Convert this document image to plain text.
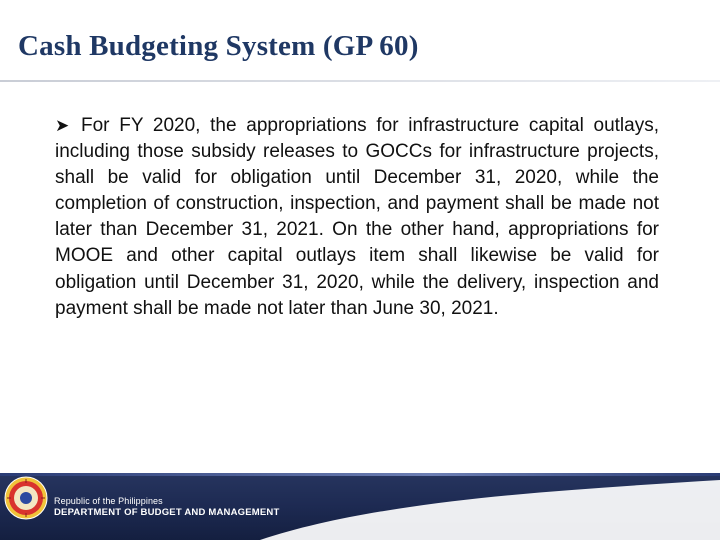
Cash Budgeting System (GP 60)

➤ For FY 2020, the appropriations for infrastructure capital outlays, including those subsidy releases to GOCCs for infrastructure projects, shall be valid for obligation until December 31, 2020, while the completion of construction, inspection, and payment shall be made not later than December 31, 2021. On the other hand, appropriations for MOOE and other capital outlays item shall likewise be valid for obligation until December 31, 2020, while the delivery, inspection and payment shall be made not later than June 30, 2021.

Republic of the Philippines
DEPARTMENT OF BUDGET AND MANAGEMENT
